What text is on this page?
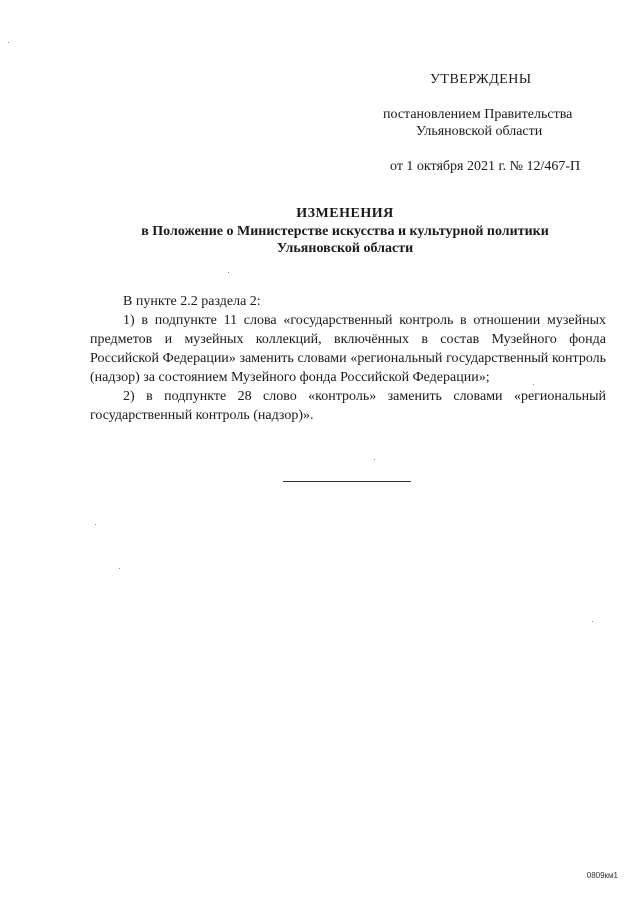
УТВЕРЖДЕНЫ
постановлением Правительства
Ульяновской области
от 1 октября 2021 г. № 12/467-П
ИЗМЕНЕНИЯ
в Положение о Министерстве искусства и культурной политики
Ульяновской области

В пункте 2.2 раздела 2:

1) в подпункте 11 слова «государственный контроль в отношении музейных предметов и музейных коллекций, включённых в состав Музейного фонда Российской Федерации» заменить словами «региональный государственный контроль (надзор) за состоянием Музейного фонда Российской Федерации»;

2) в подпункте 28 слово «контроль» заменить словами «региональный государственный контроль (надзор)».

0809км1
